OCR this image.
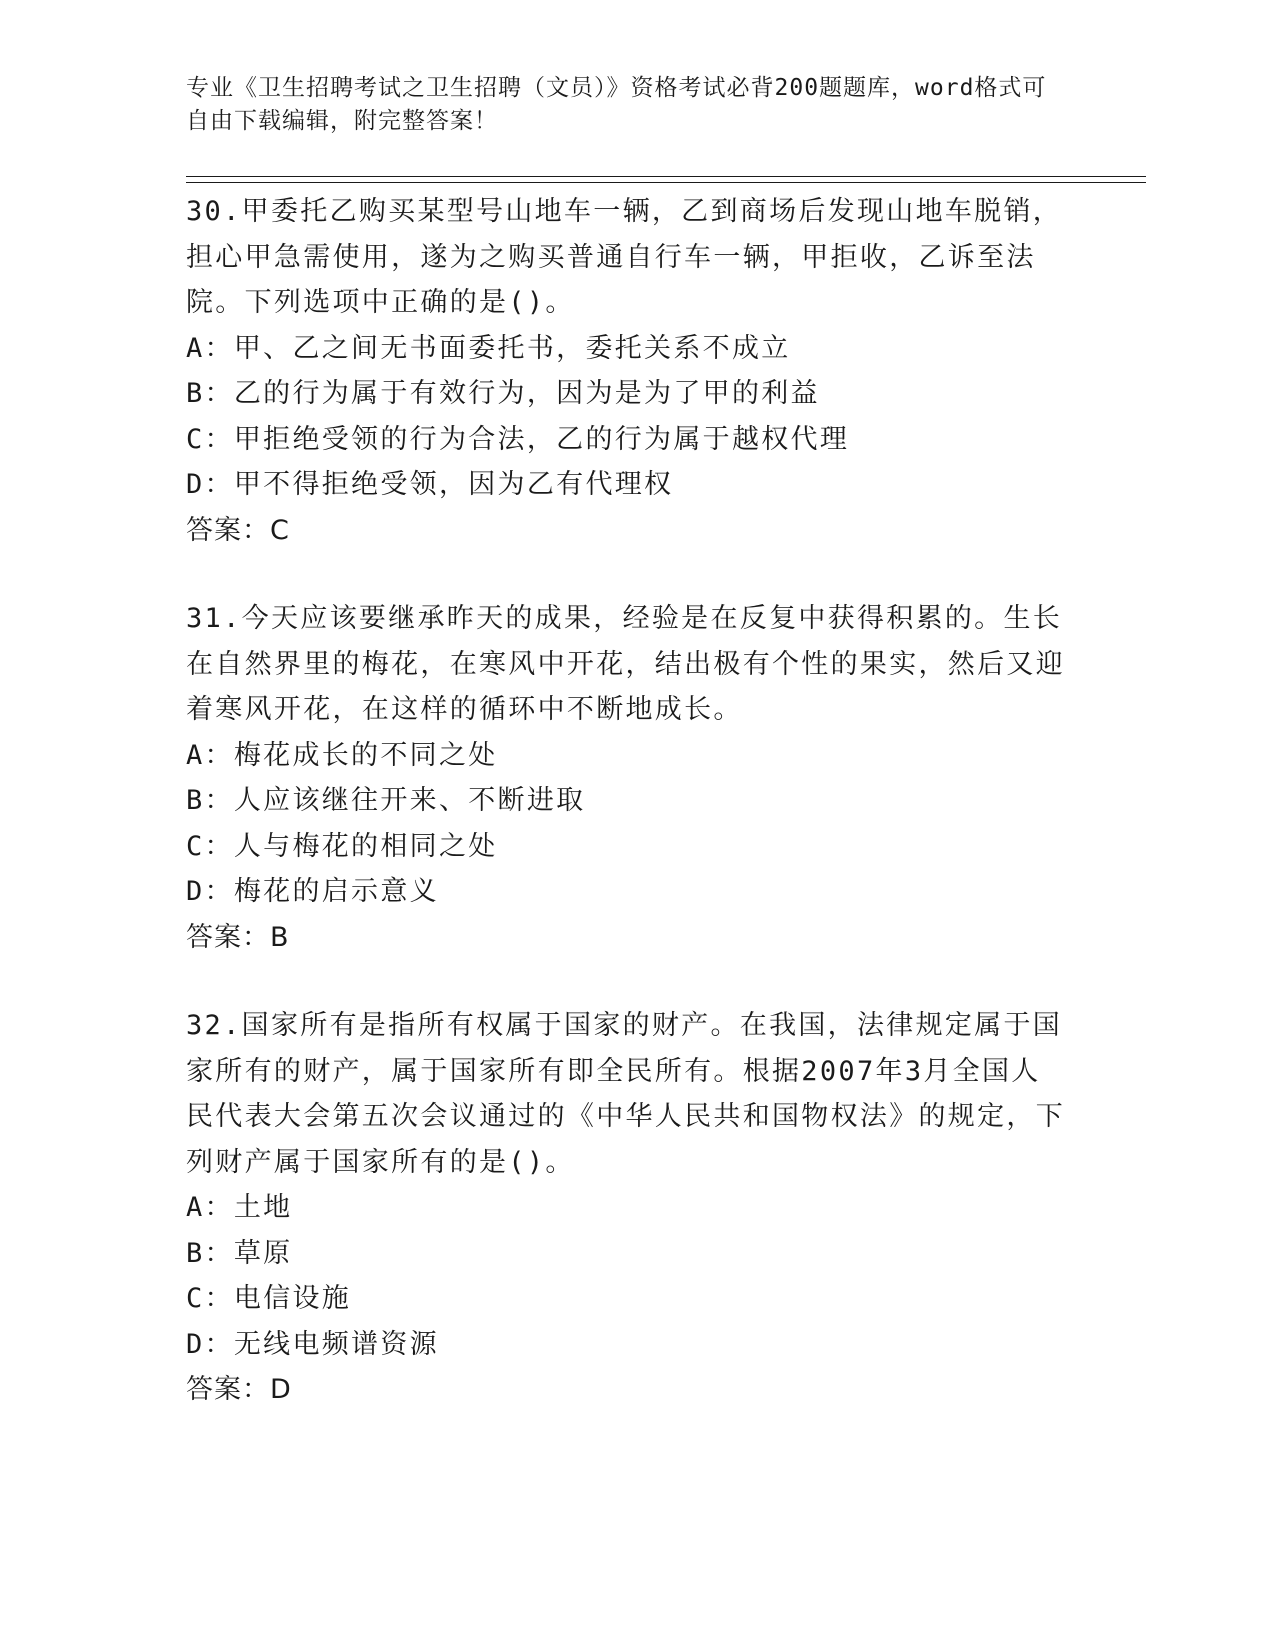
专业《卫生招聘考试之卫生招聘（文员）》资格考试必背200题题库，word格式可自由下载编辑，附完整答案！
30.甲委托乙购买某型号山地车一辆，乙到商场后发现山地车脱销，担心甲急需使用，遂为之购买普通自行车一辆，甲拒收，乙诉至法院。下列选项中正确的是()。
A：甲、乙之间无书面委托书，委托关系不成立
B：乙的行为属于有效行为，因为是为了甲的利益
C：甲拒绝受领的行为合法，乙的行为属于越权代理
D：甲不得拒绝受领，因为乙有代理权
答案：C
31.今天应该要继承昨天的成果，经验是在反复中获得积累的。生长在自然界里的梅花，在寒风中开花，结出极有个性的果实，然后又迎着寒风开花，在这样的循环中不断地成长。
A：梅花成长的不同之处
B：人应该继往开来、不断进取
C：人与梅花的相同之处
D：梅花的启示意义
答案：B
32.国家所有是指所有权属于国家的财产。在我国，法律规定属于国家所有的财产，属于国家所有即全民所有。根据2007年3月全国人民代表大会第五次会议通过的《中华人民共和国物权法》的规定，下列财产属于国家所有的是()。
A：土地
B：草原
C：电信设施
D：无线电频谱资源
答案：D
